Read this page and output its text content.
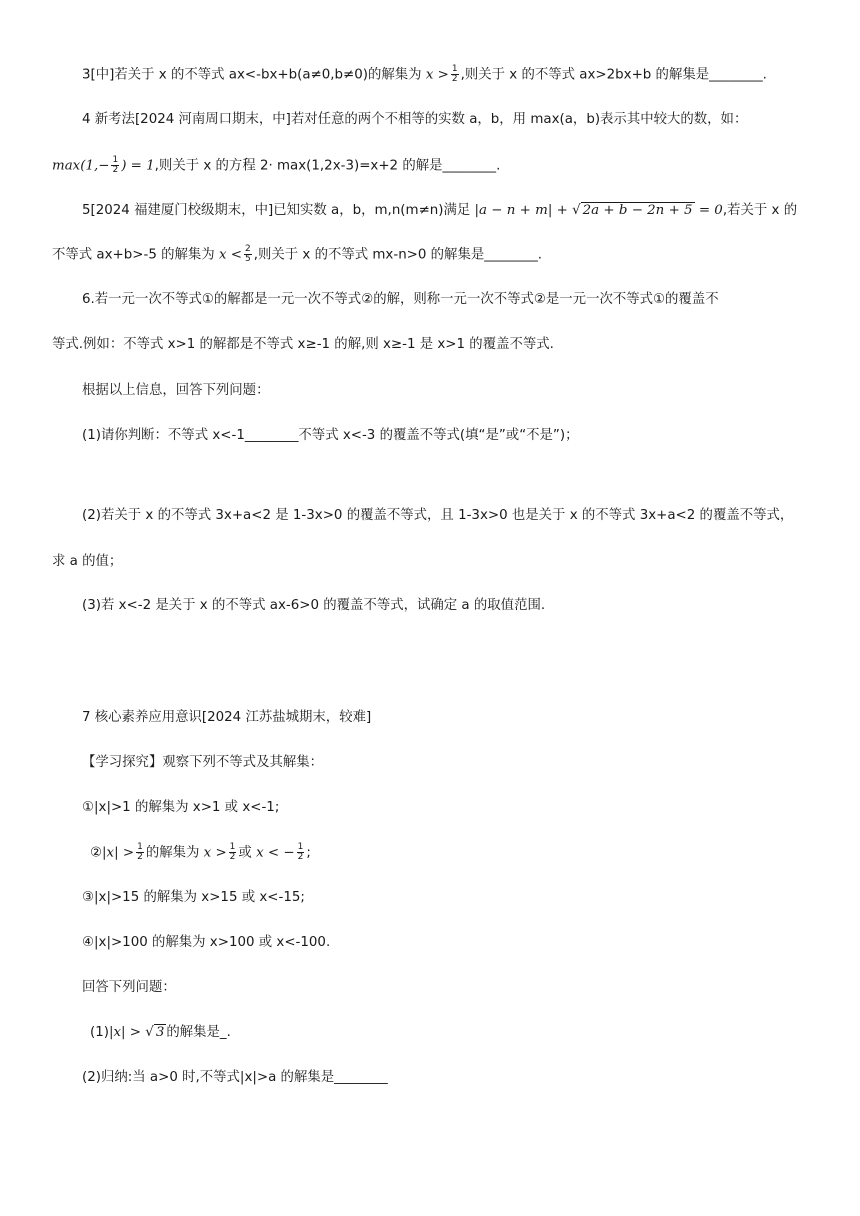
3[中]若关于 x 的不等式 ax<-bx+b(a≠0,b≠0)的解集为 $x > \frac{1}{2}$ ,则关于 x 的不等式 ax>2bx+b 的解集是________.
4 新考法[2024 河南周口期末，中]若对任意的两个不相等的实数 a，b，用 max(a，b)表示其中较大的数，如：
$\max(1,- \frac{1}{2}$ ) = 1,则关于 x 的方程 2· max(1,2x-3)=x+2 的解是________.
5[2024 福建厦门校级期末，中]已知实数 a，b，m,n(m≠n)满足 |a − n + m| + √ 2a + b − 2n + 5 = 0,若关于 x 的
不等式 ax+b>-5 的解集为 $x < \frac{2}{5}$ ,则关于 x 的不等式 mx-n>0 的解集是________.
6.若一元一次不等式①的解都是一元一次不等式②的解，则称一元一次不等式②是一元一次不等式①的覆盖不
等式.例如：不等式 x>1 的解都是不等式 x≥-1 的解,则 x≥-1 是 x>1 的覆盖不等式.
根据以上信息，回答下列问题：
(1)请你判断：不等式 x<-1________不等式 x<-3 的覆盖不等式(填“是”或“不是”)；
(2)若关于 x 的不等式 3x+a<2 是 1-3x>0 的覆盖不等式，且 1-3x>0 也是关于 x 的不等式 3x+a<2 的覆盖不等式，
求 a 的值；
(3)若 x<-2 是关于 x 的不等式 ax-6>0 的覆盖不等式，试确定 a 的取值范围.
7 核心素养应用意识[2024 江苏盐城期末，较难]
【学习探究】观察下列不等式及其解集：
①|x|>1 的解集为 x>1 或 x<-1;
②|x| > $\frac{1}{2}$ 的解集为 $x > \frac{1}{2}$ 或 x < − $\frac{1}{2}$ ;
③|x|>15 的解集为 x>15 或 x<-15;
④|x|>100 的解集为 x>100 或 x<-100.
回答下列问题：
(1)|x| > √ 3 的解集是_.
(2)归纳:当 a>0 时,不等式|x|>a 的解集是________
